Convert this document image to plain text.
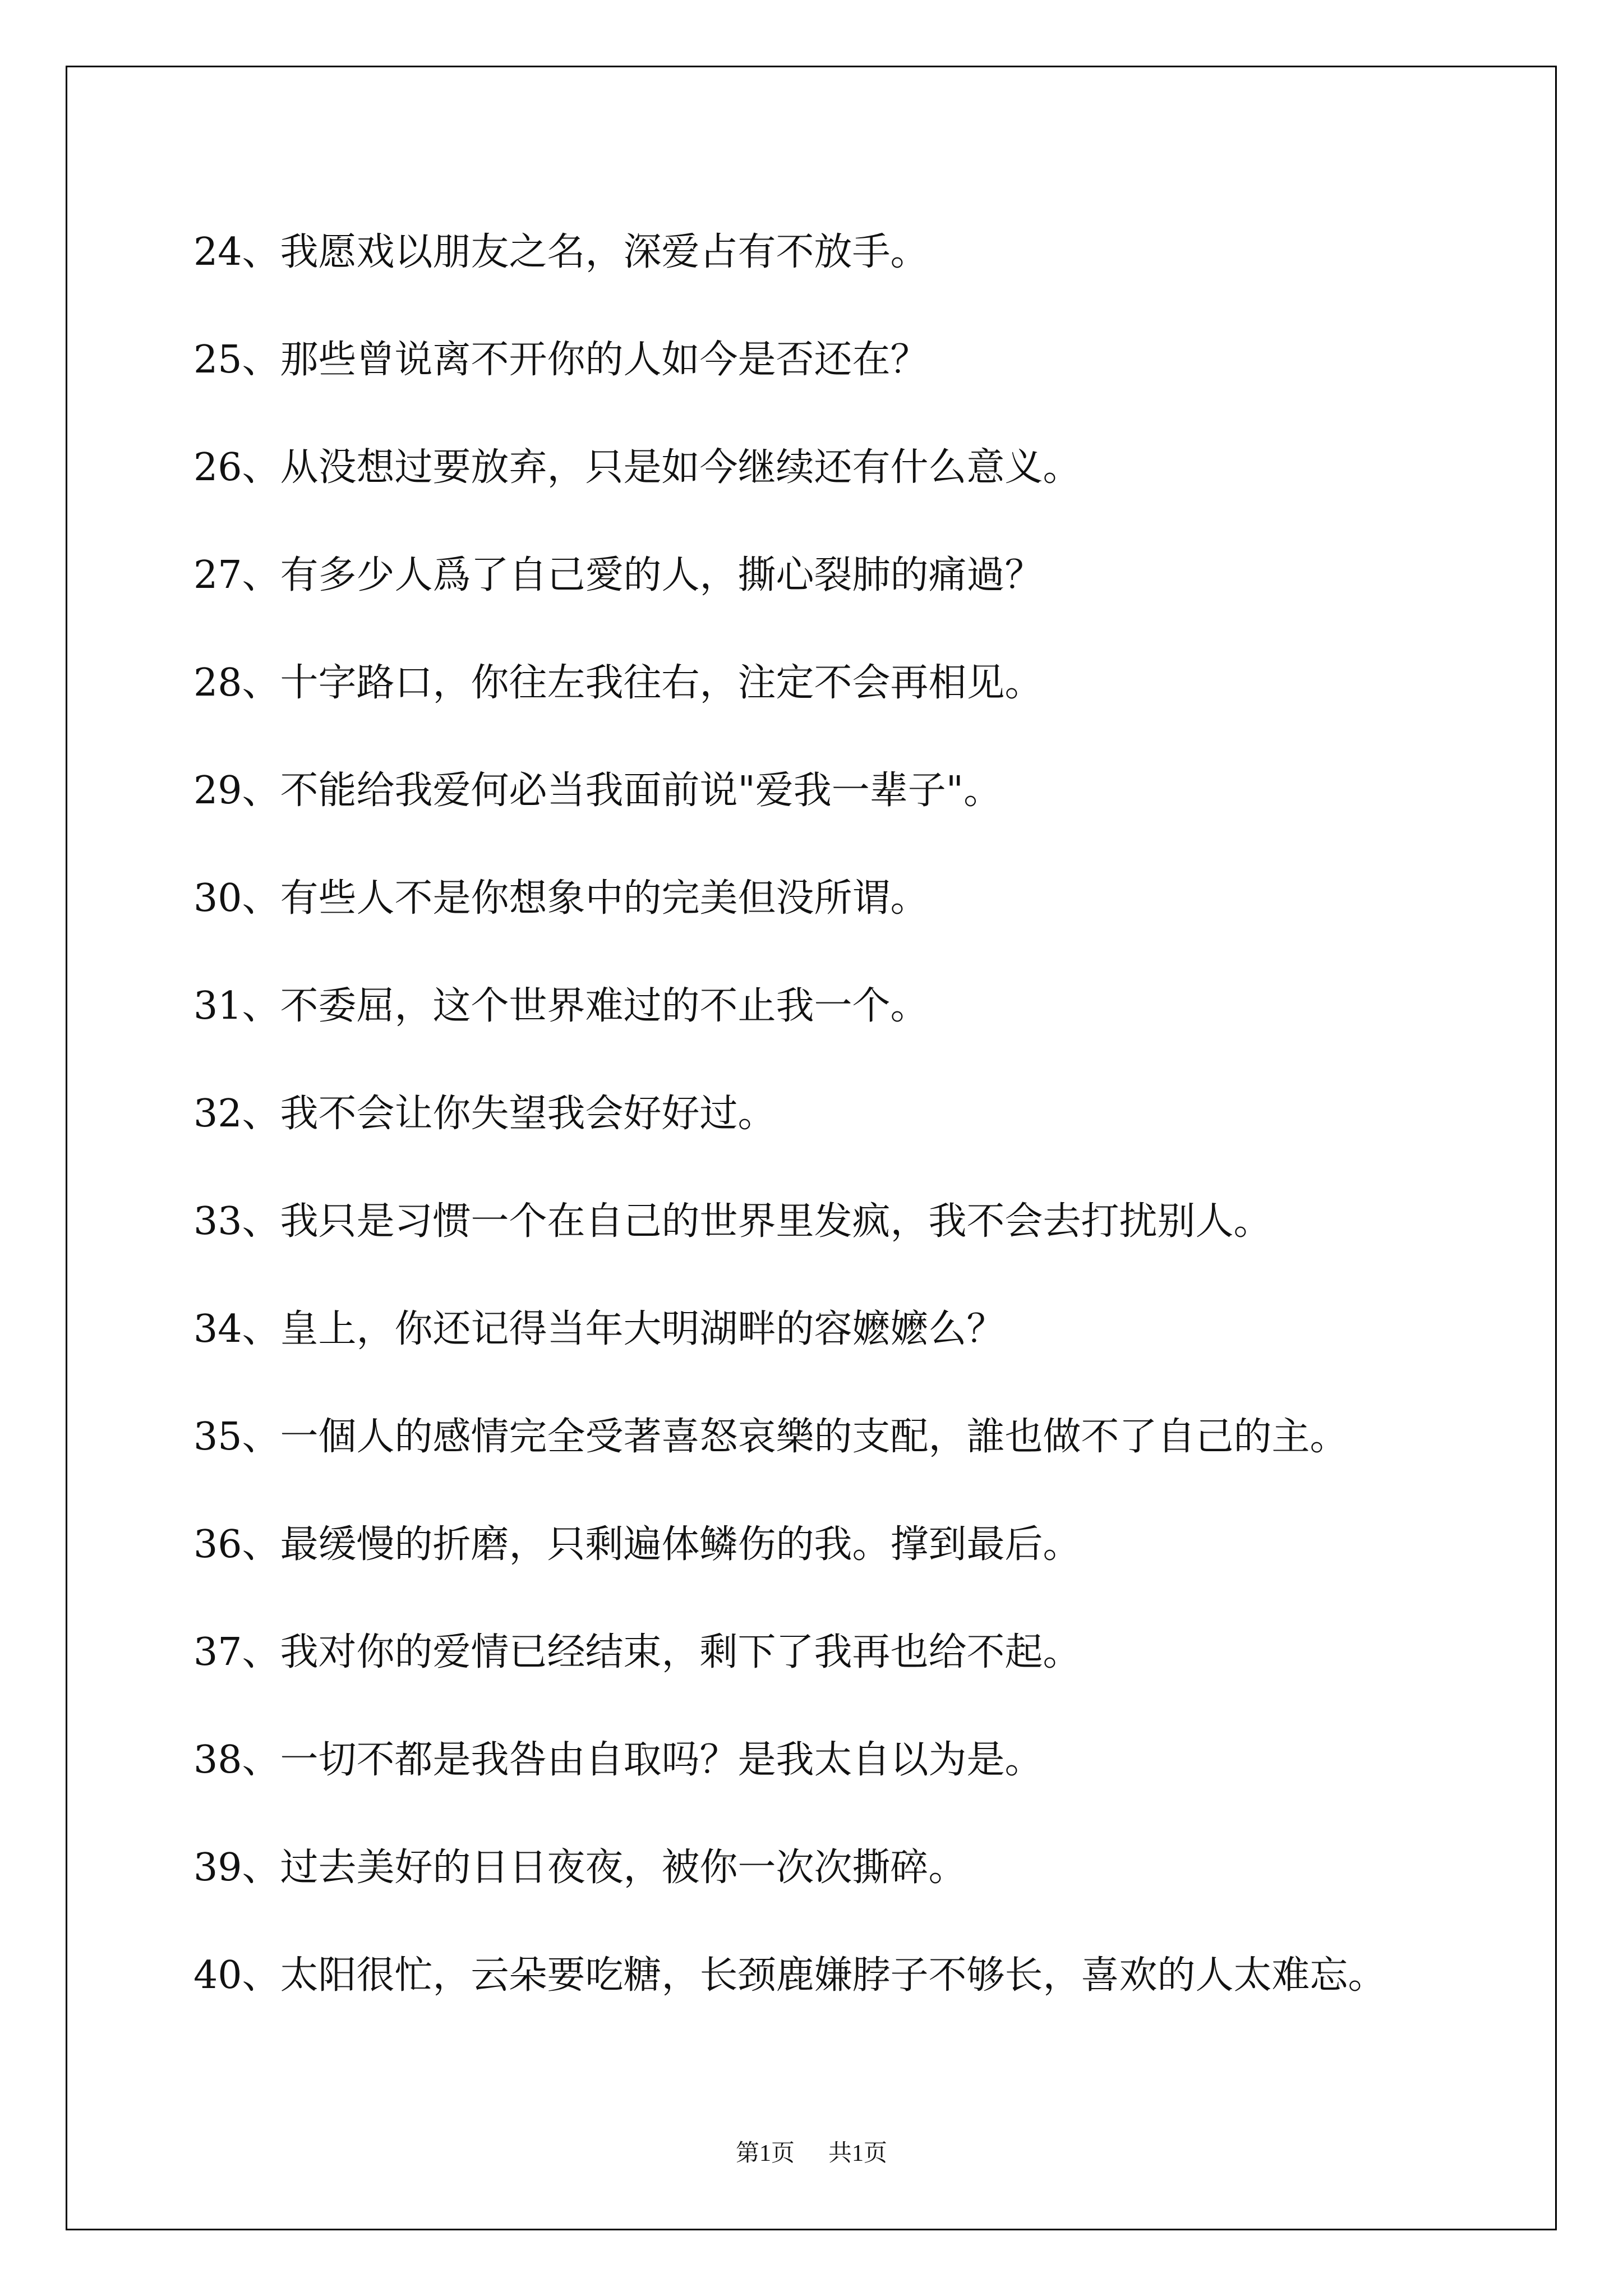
24、我愿戏以朋友之名，深爱占有不放手。
25、那些曾说离不开你的人如今是否还在？
26、从没想过要放弃，只是如今继续还有什么意义。
27、有多少人爲了自己愛的人，撕心裂肺的痛過？
28、十字路口，你往左我往右，注定不会再相见。
29、不能给我爱何必当我面前说"爱我一辈子"。
30、有些人不是你想象中的完美但没所谓。
31、不委屈，这个世界难过的不止我一个。
32、我不会让你失望我会好好过。
33、我只是习惯一个在自己的世界里发疯，我不会去打扰别人。
34、皇上，你还记得当年大明湖畔的容嬷嬷么？
35、一個人的感情完全受著喜怒哀樂的支配，誰也做不了自己的主。
36、最缓慢的折磨，只剩遍体鳞伤的我。撑到最后。
37、我对你的爱情已经结束，剩下了我再也给不起。
38、一切不都是我咎由自取吗？是我太自以为是。
39、过去美好的日日夜夜，被你一次次撕碎。
40、太阳很忙，云朵要吃糖，长颈鹿嫌脖子不够长，喜欢的人太难忘。
第1页 共1页
